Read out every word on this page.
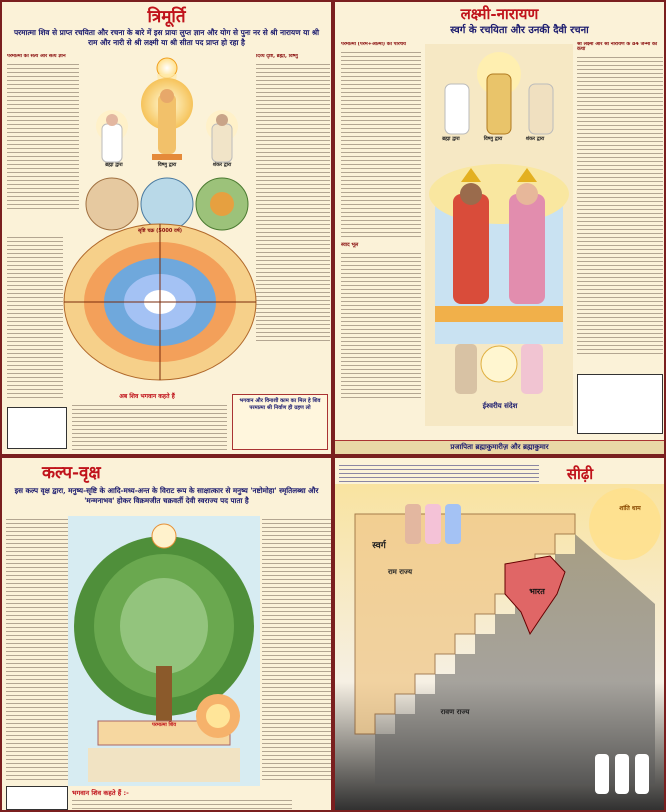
त्रिमूर्ति
परमात्मा शिव से प्राप्त रचयिता और रचना के बारे में इस प्रायः लुप्त ज्ञान और योग से पुनः नर से श्री नारायण या श्री राम और नारी से श्री लक्ष्मी या श्री सीता पद प्राप्त हो रहा है
परमात्मा का सत्य और सत्य ज्ञान
ब्रह्मा द्वारा	विष्णु द्वारा	शंकर द्वारा
दिव्य दृष्टि, ब्रह्मा, विष्णु
सृष्टि चक्र (5000 वर्ष)
अब शिव भगवान कहते हैं
भगवान और विनाशी काम का मिल हे शिव परमात्मा श्री निर्वाण ही ग्रहण लो
लक्ष्मी-नारायण
स्वर्ग के रचयिता और उनकी दैवी रचना
परमात्मा (परम+आत्मा) का परिचय
स्वाद भूल
ब्रह्मा द्वारा	विष्णु द्वारा	शंकर द्वारा
ईश्वरीय संदेश
श्री लक्ष्मी और श्री नारायण के 84 जन्मों की कथा
प्रजापिता ब्रह्माकुमारीज़ और ब्रह्माकुमार
कल्प-वृक्ष
इस कल्प वृक्ष द्वारा, मनुष्य-सृष्टि के आदि-मध्य-अन्त के विराट रूप के साक्षात्कार से मनुष्य 'नष्टोमोहा' स्मृतिलब्धा और 'मन्मनाभव' होकर विक्रमजीत चक्रवर्ती देवी स्वराज्य पद पाता है
परमात्मा शिव
भगवान शिव कहते हैं :-
सीढ़ी
स्वर्ग
राम राज्य
भारत
शांति धाम
रावण राज्य
